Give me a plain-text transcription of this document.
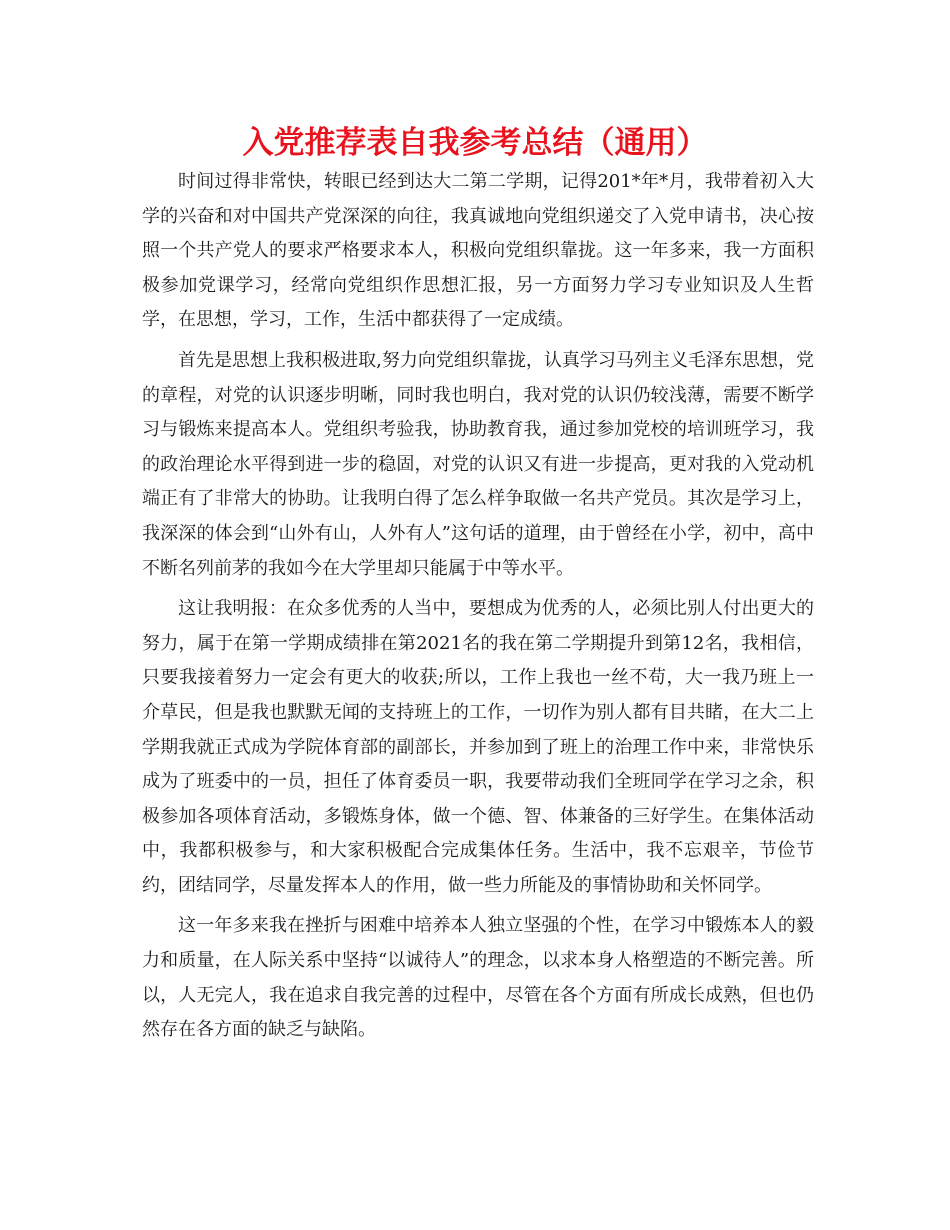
入党推荐表自我参考总结（通用）

时间过得非常快，转眼已经到达大二第二学期，记得201*年*月，我带着初入大学的兴奋和对中国共产党深深的向往，我真诚地向党组织递交了入党申请书，决心按照一个共产党人的要求严格要求本人，积极向党组织靠拢。这一年多来，我一方面积极参加党课学习，经常向党组织作思想汇报，另一方面努力学习专业知识及人生哲学，在思想，学习，工作，生活中都获得了一定成绩。

首先是思想上我积极进取,努力向党组织靠拢，认真学习马列主义毛泽东思想，党的章程，对党的认识逐步明晰，同时我也明白，我对党的认识仍较浅薄，需要不断学习与锻炼来提高本人。党组织考验我，协助教育我，通过参加党校的培训班学习，我的政治理论水平得到进一步的稳固，对党的认识又有进一步提高，更对我的入党动机端正有了非常大的协助。让我明白得了怎么样争取做一名共产党员。其次是学习上，我深深的体会到“山外有山，人外有人”这句话的道理，由于曾经在小学，初中，高中不断名列前茅的我如今在大学里却只能属于中等水平。

这让我明报：在众多优秀的人当中，要想成为优秀的人，必须比别人付出更大的努力，属于在第一学期成绩排在第2021名的我在第二学期提升到第12名，我相信，只要我接着努力一定会有更大的收获;所以，工作上我也一丝不苟，大一我乃班上一介草民，但是我也默默无闻的支持班上的工作，一切作为别人都有目共睹，在大二上学期我就正式成为学院体育部的副部长，并参加到了班上的治理工作中来，非常快乐成为了班委中的一员，担任了体育委员一职，我要带动我们全班同学在学习之余，积极参加各项体育活动，多锻炼身体，做一个德、智、体兼备的三好学生。在集体活动中，我都积极参与，和大家积极配合完成集体任务。生活中，我不忘艰辛，节俭节约，团结同学，尽量发挥本人的作用，做一些力所能及的事情协助和关怀同学。

这一年多来我在挫折与困难中培养本人独立坚强的个性，在学习中锻炼本人的毅力和质量，在人际关系中坚持“以诚待人”的理念，以求本身人格塑造的不断完善。所以，人无完人，我在追求自我完善的过程中，尽管在各个方面有所成长成熟，但也仍然存在各方面的缺乏与缺陷。
